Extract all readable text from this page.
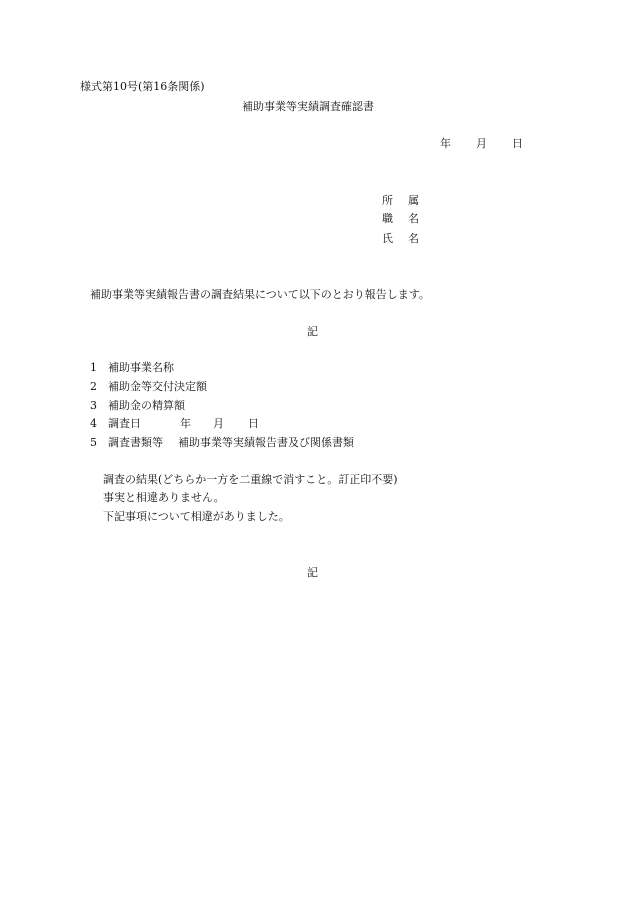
様式第10号(第16条関係)
補助事業等実績調査確認書
年 月 日
所 属
職 名
氏 名
補助事業等実績報告書の調査結果について以下のとおり報告します。
記
1 補助事業名称
2 補助金等交付決定額
3 補助金の精算額
4 調査日	年 月 日
5 調査書類等 補助事業等実績報告書及び関係書類
調査の結果(どちらか一方を二重線で消すこと。訂正印不要)
事実と相違ありません。
下記事項について相違がありました。
記
